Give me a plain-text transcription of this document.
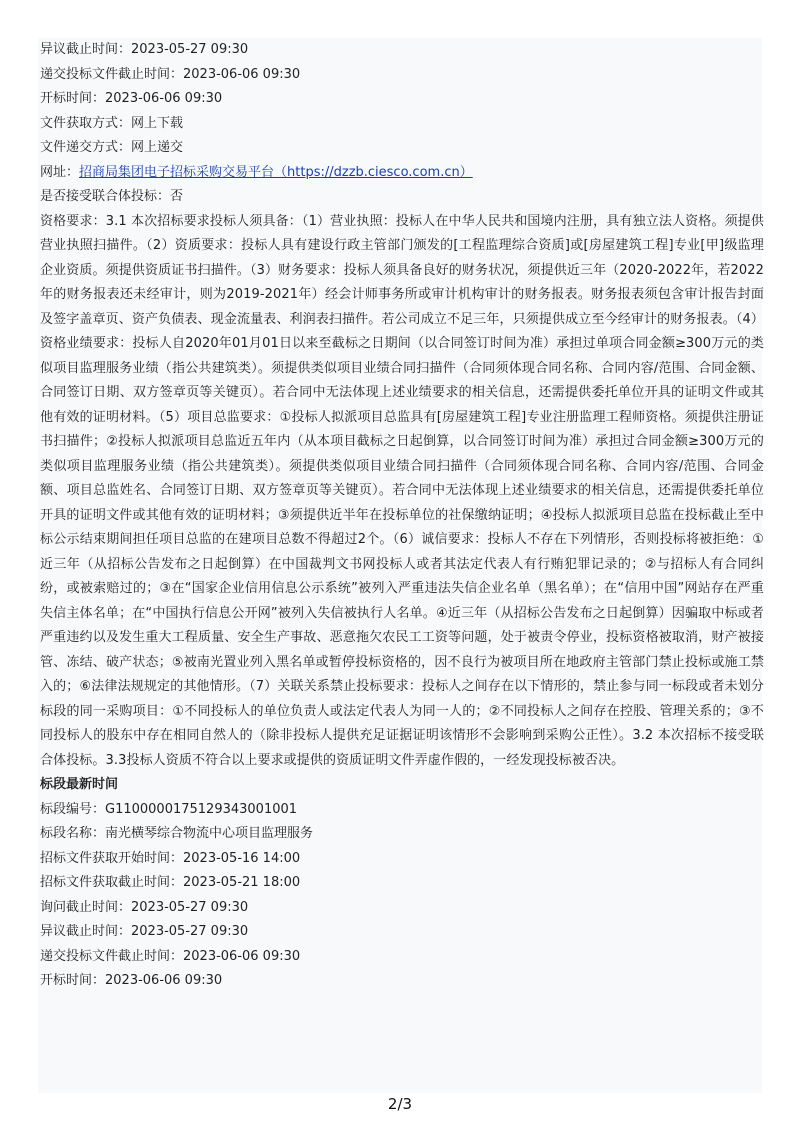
异议截止时间：2023-05-27 09:30
递交投标文件截止时间：2023-06-06 09:30
开标时间：2023-06-06 09:30
文件获取方式：网上下载
文件递交方式：网上递交
网址：招商局集团电子招标采购交易平台（https://dzzb.ciesco.com.cn）
是否接受联合体投标：否
资格要求：3.1 本次招标要求投标人须具备：（1）营业执照：投标人在中华人民共和国境内注册，具有独立法人资格。须提供营业执照扫描件。（2）资质要求：投标人具有建设行政主管部门颁发的[工程监理综合资质]或[房屋建筑工程]专业[甲]级监理企业资质。须提供资质证书扫描件。（3）财务要求：投标人须具备良好的财务状况，须提供近三年（2020-2022年，若2022年的财务报表还未经审计，则为2019-2021年）经会计师事务所或审计机构审计的财务报表。财务报表须包含审计报告封面及签字盖章页、资产负债表、现金流量表、利润表扫描件。若公司成立不足三年，只须提供成立至今经审计的财务报表。（4）资格业绩要求：投标人自2020年01月01日以来至截标之日期间（以合同签订时间为准）承担过单项合同金额≥300万元的类似项目监理服务业绩（指公共建筑类）。须提供类似项目业绩合同扫描件（合同须体现合同名称、合同内容/范围、合同金额、合同签订日期、双方签章页等关键页）。若合同中无法体现上述业绩要求的相关信息，还需提供委托单位开具的证明文件或其他有效的证明材料。（5）项目总监要求：①投标人拟派项目总监具有[房屋建筑工程]专业注册监理工程师资格。须提供注册证书扫描件；②投标人拟派项目总监近五年内（从本项目截标之日起倒算，以合同签订时间为准）承担过合同金额≥300万元的类似项目监理服务业绩（指公共建筑类）。须提供类似项目业绩合同扫描件（合同须体现合同名称、合同内容/范围、合同金额、项目总监姓名、合同签订日期、双方签章页等关键页）。若合同中无法体现上述业绩要求的相关信息，还需提供委托单位开具的证明文件或其他有效的证明材料；③须提供近半年在投标单位的社保缴纳证明；④投标人拟派项目总监在投标截止至中标公示结束期间担任项目总监的在建项目总数不得超过2个。（6）诚信要求：投标人不存在下列情形，否则投标将被拒绝：①近三年（从招标公告发布之日起倒算）在中国裁判文书网投标人或者其法定代表人有行贿犯罪记录的；②与招标人有合同纠纷，或被索赔过的；③在“国家企业信用信息公示系统”被列入严重违法失信企业名单（黑名单）；在“信用中国”网站存在严重失信主体名单；在“中国执行信息公开网”被列入失信被执行人名单。④近三年（从招标公告发布之日起倒算）因骗取中标或者严重违约以及发生重大工程质量、安全生产事故、恶意拖欠农民工工资等问题，处于被责令停业，投标资格被取消，财产被接管、冻结、破产状态；⑤被南光置业列入黑名单或暂停投标资格的，因不良行为被项目所在地政府主管部门禁止投标或施工禁入的；⑥法律法规规定的其他情形。（7）关联关系禁止投标要求：投标人之间存在以下情形的，禁止参与同一标段或者未划分标段的同一采购项目：①不同投标人的单位负责人或法定代表人为同一人的；②不同投标人之间存在控股、管理关系的；③不同投标人的股东中存在相同自然人的（除非投标人提供充足证据证明该情形不会影响到采购公正性）。3.2 本次招标不接受联合体投标。3.3投标人资质不符合以上要求或提供的资质证明文件弄虚作假的，一经发现投标被否决。
标段最新时间
标段编号：G1100000175129343001001
标段名称：南光横琴综合物流中心项目监理服务
招标文件获取开始时间：2023-05-16 14:00
招标文件获取截止时间：2023-05-21 18:00
询问截止时间：2023-05-27 09:30
异议截止时间：2023-05-27 09:30
递交投标文件截止时间：2023-06-06 09:30
开标时间：2023-06-06 09:30
2/3
